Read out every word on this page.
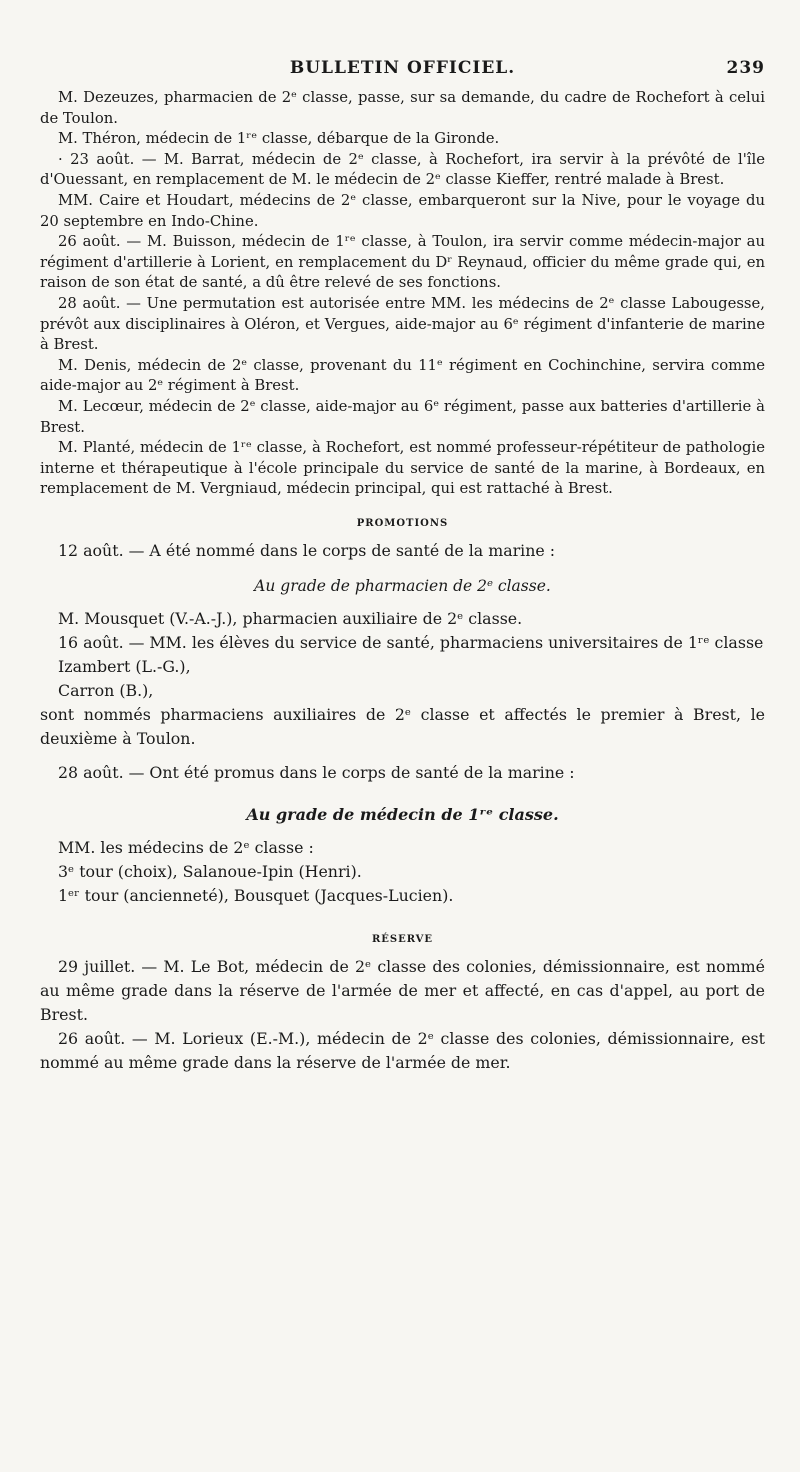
BULLETIN OFFICIEL.	239

M. Dezeuzes, pharmacien de 2ᵉ classe, passe, sur sa demande, du cadre de Rochefort à celui de Toulon.

M. Théron, médecin de 1ʳᵉ classe, débarque de la Gironde.

· 23 août. — M. Barrat, médecin de 2ᵉ classe, à Rochefort, ira servir à la prévôté de l'île d'Ouessant, en remplacement de M. le médecin de 2ᵉ classe Kieffer, rentré malade à Brest.

MM. Caire et Houdart, médecins de 2ᵉ classe, embarqueront sur la Nive, pour le voyage du 20 septembre en Indo-Chine.

26 août. — M. Buisson, médecin de 1ʳᵉ classe, à Toulon, ira servir comme médecin-major au régiment d'artillerie à Lorient, en remplacement du Dʳ Reynaud, officier du même grade qui, en raison de son état de santé, a dû être relevé de ses fonctions.

28 août. — Une permutation est autorisée entre MM. les médecins de 2ᵉ classe Labougesse, prévôt aux disciplinaires à Oléron, et Vergues, aide-major au 6ᵉ régiment d'infanterie de marine à Brest.

M. Denis, médecin de 2ᵉ classe, provenant du 11ᵉ régiment en Cochinchine, servira comme aide-major au 2ᵉ régiment à Brest.

M. Lecœur, médecin de 2ᵉ classe, aide-major au 6ᵉ régiment, passe aux batteries d'artillerie à Brest.

M. Planté, médecin de 1ʳᵉ classe, à Rochefort, est nommé professeur-répétiteur de pathologie interne et thérapeutique à l'école principale du service de santé de la marine, à Bordeaux, en remplacement de M. Vergniaud, médecin principal, qui est rattaché à Brest.

PROMOTIONS

12 août. — A été nommé dans le corps de santé de la marine :

Au grade de pharmacien de 2ᵉ classe.

M. Mousquet (V.-A.-J.), pharmacien auxiliaire de 2ᵉ classe.

16 août. — MM. les élèves du service de santé, pharmaciens universitaires de 1ʳᵉ classe

Izambert (L.-G.),

Carron (B.),

sont nommés pharmaciens auxiliaires de 2ᵉ classe et affectés le premier à Brest, le deuxième à Toulon.

28 août. — Ont été promus dans le corps de santé de la marine :

Au grade de médecin de 1ʳᵉ classe.

MM. les médecins de 2ᵉ classe :

3ᵉ tour (choix), Salanoue-Ipin (Henri).

1ᵉʳ tour (ancienneté), Bousquet (Jacques-Lucien).

RÉSERVE

29 juillet. — M. Le Bot, médecin de 2ᵉ classe des colonies, démissionnaire, est nommé au même grade dans la réserve de l'armée de mer et affecté, en cas d'appel, au port de Brest.

26 août. — M. Lorieux (E.-M.), médecin de 2ᵉ classe des colonies, démissionnaire, est nommé au même grade dans la réserve de l'armée de mer.
